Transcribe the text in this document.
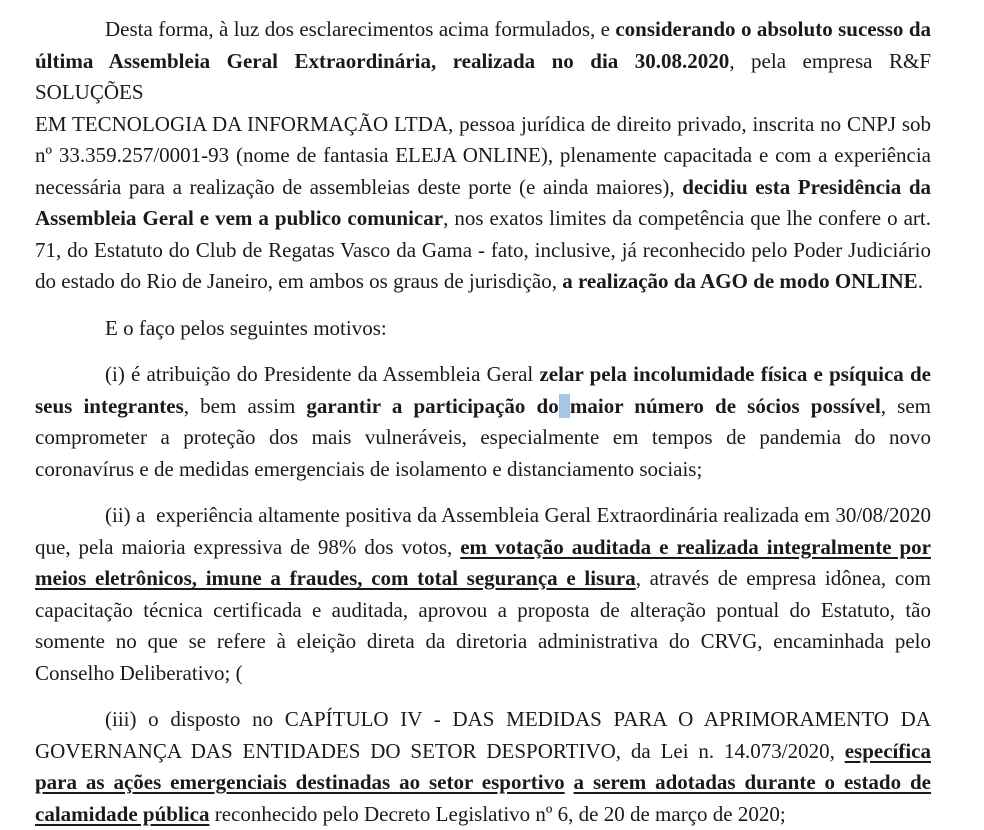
Desta forma, à luz dos esclarecimentos acima formulados, e considerando o absoluto sucesso da
última Assembleia Geral Extraordinária, realizada no dia 30.08.2020, pela empresa R&F SOLUÇÕES
EM TECNOLOGIA DA INFORMAÇÃO LTDA, pessoa jurídica de direito privado, inscrita no CNPJ sob
nº 33.359.257/0001-93 (nome de fantasia ELEJA ONLINE), plenamente capacitada e com a experiência
necessária para a realização de assembleias deste porte (e ainda maiores), decidiu esta Presidência da
Assembleia Geral e vem a publico comunicar, nos exatos limites da competência que lhe confere o art.
71, do Estatuto do Club de Regatas Vasco da Gama - fato, inclusive, já reconhecido pelo Poder Judiciário
do estado do Rio de Janeiro, em ambos os graus de jurisdição, a realização da AGO de modo ONLINE.
E o faço pelos seguintes motivos:
(i) é atribuição do Presidente da Assembleia Geral zelar pela incolumidade física e psíquica de
seus integrantes, bem assim garantir a participação do maior número de sócios possível, sem
comprometer a proteção dos mais vulneráveis, especialmente em tempos de pandemia do novo
coronavírus e de medidas emergenciais de isolamento e distanciamento sociais;
(ii) a  experiência altamente positiva da Assembleia Geral Extraordinária realizada em 30/08/2020
que, pela maioria expressiva de 98% dos votos, em votação auditada e realizada integralmente por
meios eletrônicos, imune a fraudes, com total segurança e lisura, através de empresa idônea, com
capacitação técnica certificada e auditada, aprovou a proposta de alteração pontual do Estatuto, tão
somente no que se refere à eleição direta da diretoria administrativa do CRVG, encaminhada pelo
Conselho Deliberativo; (
(iii) o disposto no CAPÍTULO IV - DAS MEDIDAS PARA O APRIMORAMENTO DA
GOVERNANÇA DAS ENTIDADES DO SETOR DESPORTIVO, da Lei n. 14.073/2020, específica
para as ações emergenciais destinadas ao setor esportivo a serem adotadas durante o estado de
calamidade pública reconhecido pelo Decreto Legislativo nº 6, de 20 de março de 2020;
